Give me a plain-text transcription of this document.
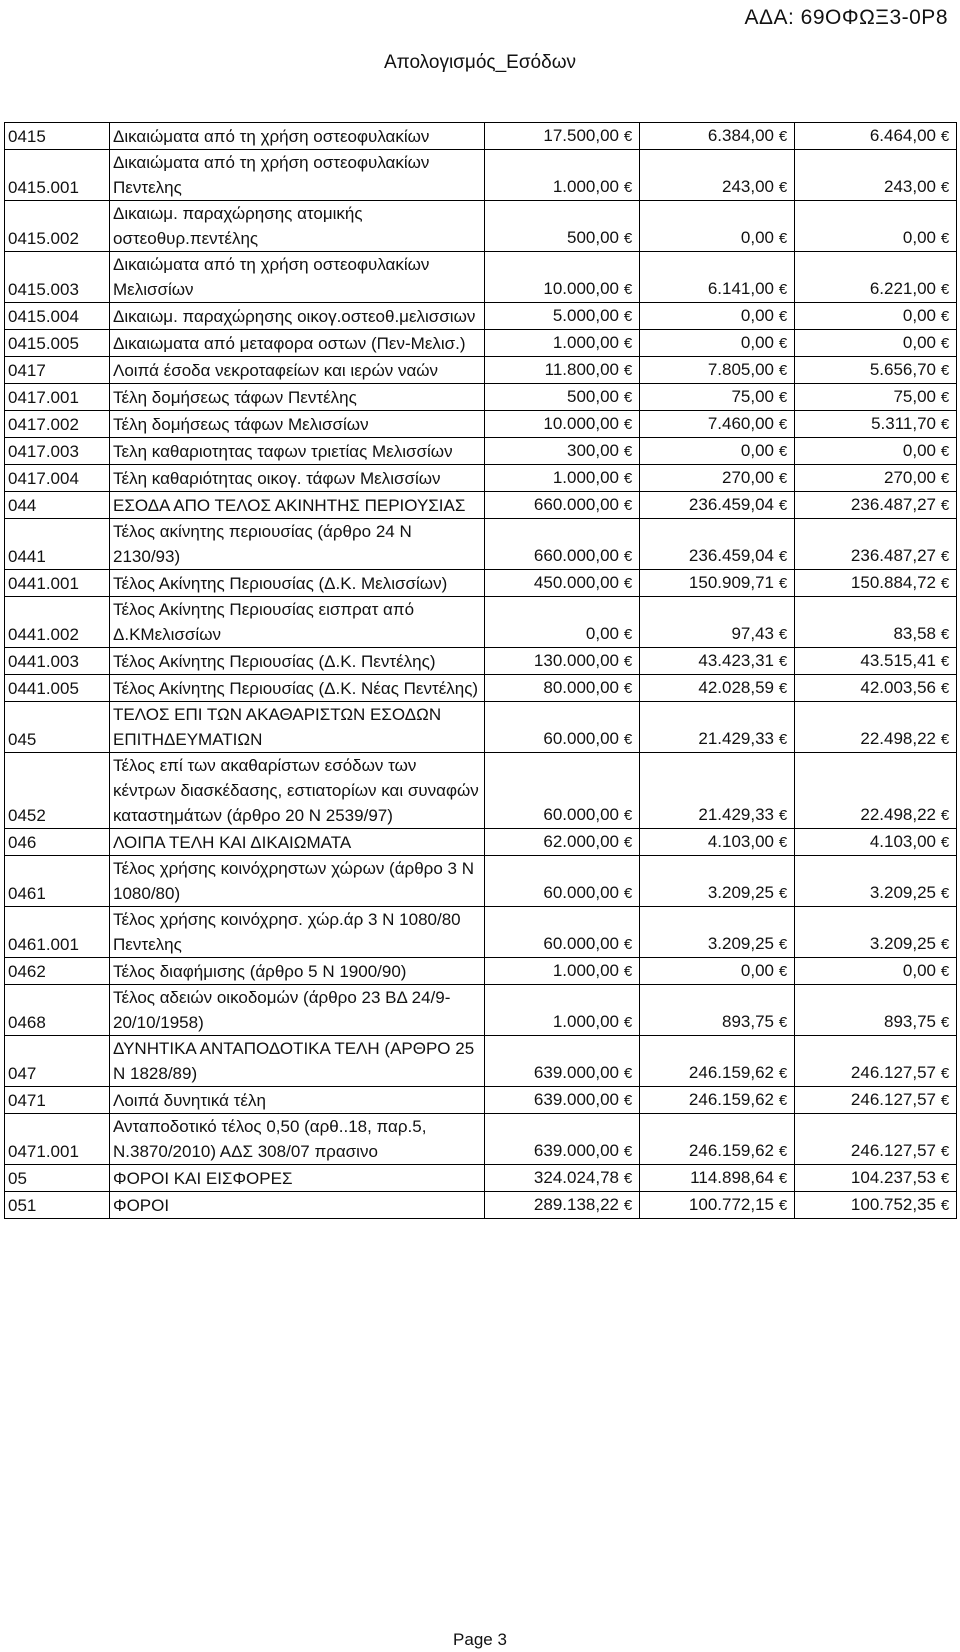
ΑΔΑ: 69ΟΦΩΞ3-0Ρ8
Απολογισμός_Εσόδων
0415	Δικαιώματα από τη χρήση οστεοφυλακίων	17.500,00 €	6.384,00 €	6.464,00 €
0415.001	Δικαιώματα από τη χρήση οστεοφυλακίων Πεντελης	1.000,00 €	243,00 €	243,00 €
0415.002	Δικαιωμ. παραχώρησης ατομικής οστεοθυρ.πεντέλης	500,00 €	0,00 €	0,00 €
0415.003	Δικαιώματα από τη χρήση οστεοφυλακίων Μελισσίων	10.000,00 €	6.141,00 €	6.221,00 €
0415.004	Δικαιωμ. παραχώρησης οικογ.οστεοθ.μελισσιων	5.000,00 €	0,00 €	0,00 €
0415.005	Δικαιωματα από μεταφορα οστων (Πεν-Μελισ.)	1.000,00 €	0,00 €	0,00 €
0417	Λοιπά έσοδα νεκροταφείων και ιερών ναών	11.800,00 €	7.805,00 €	5.656,70 €
0417.001	Τέλη δομήσεως τάφων Πεντέλης	500,00 €	75,00 €	75,00 €
0417.002	Τέλη δομήσεως τάφων Μελισσίων	10.000,00 €	7.460,00 €	5.311,70 €
0417.003	Τελη καθαριοτητας ταφων τριετίας Μελισσίων	300,00 €	0,00 €	0,00 €
0417.004	Τέλη καθαριότητας οικογ. τάφων Μελισσίων	1.000,00 €	270,00 €	270,00 €
044	ΕΣΟΔΑ ΑΠΟ ΤΕΛΟΣ ΑΚΙΝΗΤΗΣ ΠΕΡΙΟΥΣΙΑΣ	660.000,00 €	236.459,04 €	236.487,27 €
0441	Τέλος ακίνητης περιουσίας (άρθρο 24 Ν 2130/93)	660.000,00 €	236.459,04 €	236.487,27 €
0441.001	Τέλος Ακίνητης Περιουσίας (Δ.Κ. Μελισσίων)	450.000,00 €	150.909,71 €	150.884,72 €
0441.002	Τέλος Ακίνητης Περιουσίας εισπρατ από Δ.ΚΜελισσίων	0,00 €	97,43 €	83,58 €
0441.003	Τέλος Ακίνητης Περιουσίας (Δ.Κ. Πεντέλης)	130.000,00 €	43.423,31 €	43.515,41 €
0441.005	Τέλος Ακίνητης Περιουσίας (Δ.Κ. Νέας Πεντέλης)	80.000,00 €	42.028,59 €	42.003,56 €
045	ΤΕΛΟΣ ΕΠΙ ΤΩΝ ΑΚΑΘΑΡΙΣΤΩΝ ΕΣΟΔΩΝ ΕΠΙΤΗΔΕΥΜΑΤΙΩΝ	60.000,00 €	21.429,33 €	22.498,22 €
0452	Τέλος επί των ακαθαρίστων εσόδων των κέντρων διασκέδασης, εστιατορίων και συναφών καταστημάτων (άρθρο 20 Ν 2539/97)	60.000,00 €	21.429,33 €	22.498,22 €
046	ΛΟΙΠΑ ΤΕΛΗ ΚΑΙ ΔΙΚΑΙΩΜΑΤΑ	62.000,00 €	4.103,00 €	4.103,00 €
0461	Τέλος χρήσης κοινόχρηστων χώρων (άρθρο 3 Ν 1080/80)	60.000,00 €	3.209,25 €	3.209,25 €
0461.001	Τέλος χρήσης κοινόχρησ. χώρ.άρ 3 Ν 1080/80 Πεντελης	60.000,00 €	3.209,25 €	3.209,25 €
0462	Τέλος διαφήμισης (άρθρο 5 Ν 1900/90)	1.000,00 €	0,00 €	0,00 €
0468	Τέλος αδειών οικοδομών (άρθρο 23 ΒΔ 24/9-20/10/1958)	1.000,00 €	893,75 €	893,75 €
047	ΔΥΝΗΤΙΚΑ ΑΝΤΑΠΟΔΟΤΙΚΑ ΤΕΛΗ (ΑΡΘΡΟ 25 Ν 1828/89)	639.000,00 €	246.159,62 €	246.127,57 €
0471	Λοιπά δυνητικά τέλη	639.000,00 €	246.159,62 €	246.127,57 €
0471.001	Ανταποδοτικό τέλος 0,50 (αρθ..18, παρ.5, Ν.3870/2010) ΑΔΣ 308/07 πρασινο	639.000,00 €	246.159,62 €	246.127,57 €
05	ΦΟΡΟΙ ΚΑΙ ΕΙΣΦΟΡΕΣ	324.024,78 €	114.898,64 €	104.237,53 €
051	ΦΟΡΟΙ	289.138,22 €	100.772,15 €	100.752,35 €
Page 3
